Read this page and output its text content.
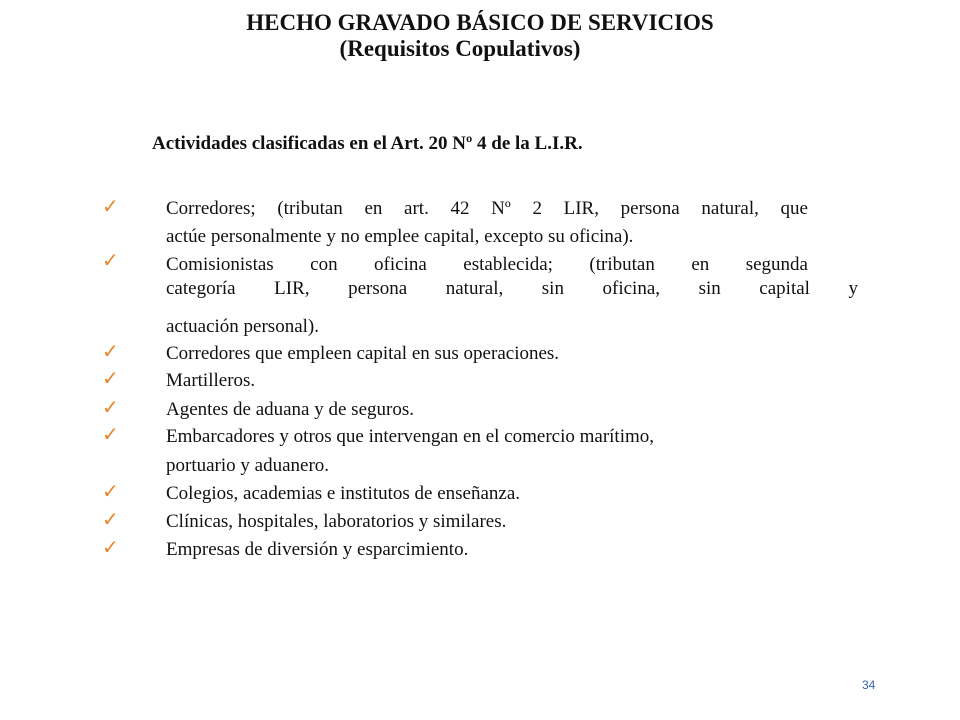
HECHO GRAVADO BÁSICO DE SERVICIOS
(Requisitos Copulativos)
Actividades clasificadas en el Art. 20 Nº 4 de la L.I.R.
✓ Corredores; (tributan en art. 42 Nº 2 LIR, persona natural, que
actúe personalmente y no emplee capital, excepto su oficina).
✓ Comisionistas con oficina establecida; (tributan en segunda
categoría LIR, persona natural, sin oficina, sin capital y
actuación personal).
✓ Corredores que empleen capital en sus operaciones.
✓ Martilleros.
✓ Agentes de aduana y de seguros.
✓ Embarcadores y otros que intervengan en el comercio marítimo,
portuario y aduanero.
✓ Colegios, academias e institutos de enseñanza.
✓ Clínicas, hospitales, laboratorios y similares.
✓ Empresas de diversión y esparcimiento.
34
